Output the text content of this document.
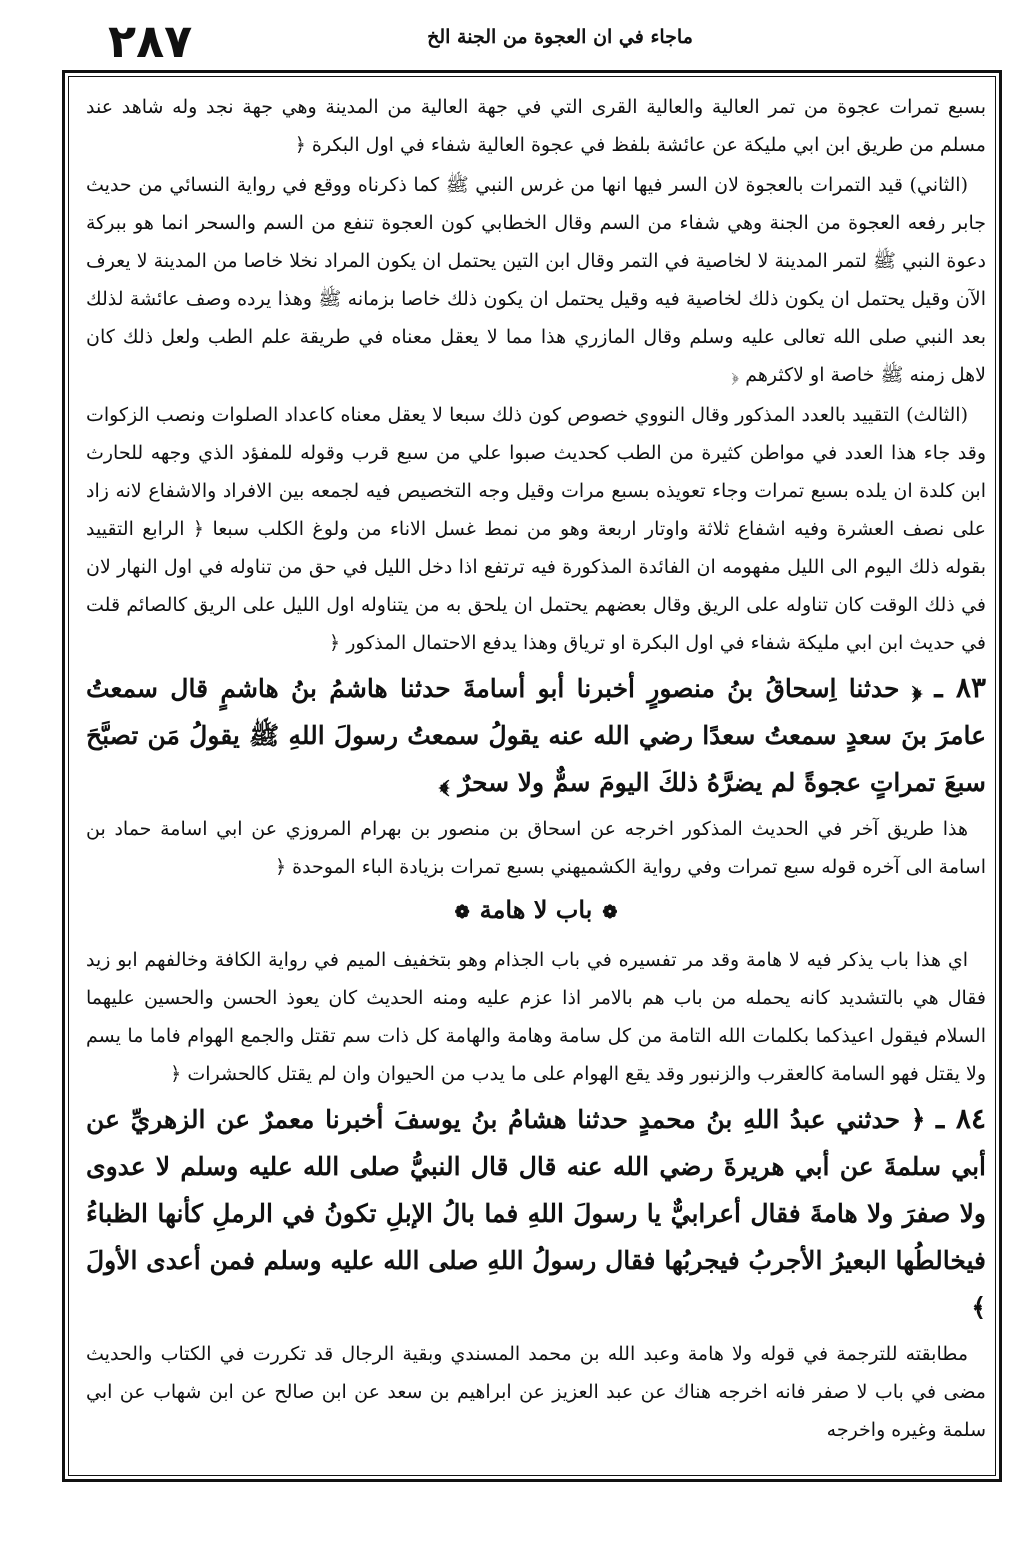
٢٨٧	ماجاء في ان العجوة من الجنة الخ

بسبع تمرات عجوة من تمر العالية والعالية القرى التي في جهة العالية من المدينة وهي جهة نجد وله شاهد عند مسلم من طريق ابن ابي مليكة عن عائشة بلفظ في عجوة العالية شفاء في اول البكرة ﴿

(الثاني) قيد التمرات بالعجوة لان السر فيها انها من غرس النبي ﷺ كما ذكرناه ووقع في رواية النسائي من حديث جابر رفعه العجوة من الجنة وهي شفاء من السم وقال الخطابي كون العجوة تنفع من السم والسحر انما هو ببركة دعوة النبي ﷺ لتمر المدينة لا لخاصية في التمر وقال ابن التين يحتمل ان يكون المراد نخلا خاصا من المدينة لا يعرف الآن وقيل يحتمل ان يكون ذلك لخاصية فيه وقيل يحتمل ان يكون ذلك خاصا بزمانه ﷺ وهذا يرده وصف عائشة لذلك بعد النبي صلى الله تعالى عليه وسلم وقال المازري هذا مما لا يعقل معناه في طريقة علم الطب ولعل ذلك كان لاهل زمنه ﷺ خاصة او لاكثرهم ﴿

(الثالث) التقييد بالعدد المذكور وقال النووي خصوص كون ذلك سبعا لا يعقل معناه كاعداد الصلوات ونصب الزكوات وقد جاء هذا العدد في مواطن كثيرة من الطب كحديث صبوا علي من سبع قرب وقوله للمفؤد الذي وجهه للحارث ابن كلدة ان يلده بسبع تمرات وجاء تعويذه بسبع مرات وقيل وجه التخصيص فيه لجمعه بين الافراد والاشفاع لانه زاد على نصف العشرة وفيه اشفاع ثلاثة واوتار اربعة وهو من نمط غسل الاناء من ولوغ الكلب سبعا ﴿ الرابع التقييد بقوله ذلك اليوم الى الليل مفهومه ان الفائدة المذكورة فيه ترتفع اذا دخل الليل في حق من تناوله في اول النهار لان في ذلك الوقت كان تناوله على الريق وقال بعضهم يحتمل ان يلحق به من يتناوله اول الليل على الريق كالصائم قلت في حديث ابن ابي مليكة شفاء في اول البكرة او ترياق وهذا يدفع الاحتمال المذكور ﴿

٨٣ ـ ﴿ حدثنا اِسحاقُ بنُ منصورٍ أخبرنا أبو أسامةَ حدثنا هاشمُ بنُ هاشمٍ قال سمعتُ عامرَ بنَ سعدٍ سمعتُ سعدًا رضي الله عنه يقولُ سمعتُ رسولَ اللهِ ﷺ يقولُ مَن تصبَّحَ سبعَ تمراتٍ عجوةً لم يضرَّهُ ذلكَ اليومَ سمٌّ ولا سحرٌ ﴾

هذا طريق آخر في الحديث المذكور اخرجه عن اسحاق بن منصور بن بهرام المروزي عن ابي اسامة حماد بن اسامة الى آخره قوله سبع تمرات وفي رواية الكشميهني بسبع تمرات بزيادة الباء الموحدة ﴿

❁باب لا هامة❁

اي هذا باب يذكر فيه لا هامة وقد مر تفسيره في باب الجذام وهو بتخفيف الميم في رواية الكافة وخالفهم ابو زيد فقال هي بالتشديد كانه يحمله من باب هم بالامر اذا عزم عليه ومنه الحديث كان يعوذ الحسن والحسين عليهما السلام فيقول اعيذكما بكلمات الله التامة من كل سامة وهامة والهامة كل ذات سم تقتل والجمع الهوام فاما ما يسم ولا يقتل فهو السامة كالعقرب والزنبور وقد يقع الهوام على ما يدب من الحيوان وان لم يقتل كالحشرات ﴿

٨٤ ـ ﴿ حدثني عبدُ اللهِ بنُ محمدٍ حدثنا هشامُ بنُ يوسفَ أخبرنا معمرٌ عن الزهريِّ عن أبي سلمةَ عن أبي هريرةَ رضي الله عنه قال قال النبيُّ صلى الله عليه وسلم لا عدوى ولا صفرَ ولا هامةَ فقال أعرابيٌّ يا رسولَ اللهِ فما بالُ الإبلِ تكونُ في الرملِ كأنها الظباءُ فيخالطُها البعيرُ الأجربُ فيجربُها فقال رسولُ اللهِ صلى الله عليه وسلم فمن أعدى الأولَ ﴾

مطابقته للترجمة في قوله ولا هامة وعبد الله بن محمد المسندي وبقية الرجال قد تكررت في الكتاب والحديث مضى في باب لا صفر فانه اخرجه هناك عن عبد العزيز عن ابراهيم بن سعد عن ابن صالح عن ابن شهاب عن ابي سلمة وغيره واخرجه
